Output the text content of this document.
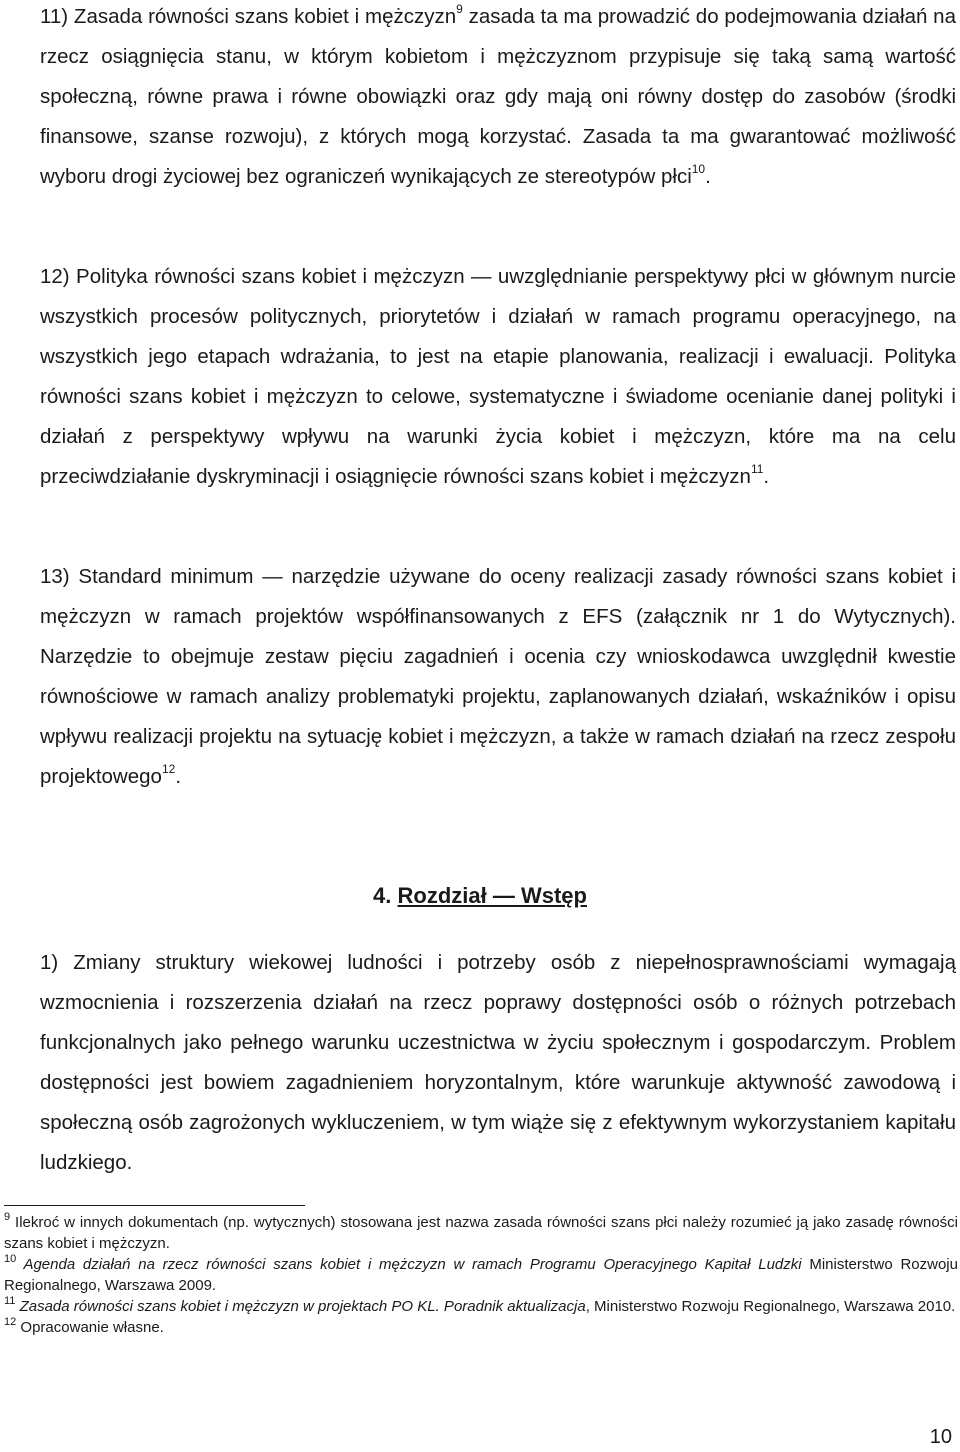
11) Zasada równości szans kobiet i mężczyzn$^9$ zasada ta ma prowadzić do podejmowania działań na rzecz osiągnięcia stanu, w którym kobietom i mężczyznom przypisuje się taką samą wartość społeczną, równe prawa i równe obowiązki oraz gdy mają oni równy dostęp do zasobów (środki finansowe, szanse rozwoju), z których mogą korzystać. Zasada ta ma gwarantować możliwość wyboru drogi życiowej bez ograniczeń wynikających ze stereotypów płci$^{10}$.

12) Polityka równości szans kobiet i mężczyzn — uwzględnianie perspektywy płci w głównym nurcie wszystkich procesów politycznych, priorytetów i działań w ramach programu operacyjnego, na wszystkich jego etapach wdrażania, to jest na etapie planowania, realizacji i ewaluacji. Polityka równości szans kobiet i mężczyzn to celowe, systematyczne i świadome ocenianie danej polityki i działań z perspektywy wpływu na warunki życia kobiet i mężczyzn, które ma na celu przeciwdziałanie dyskryminacji i osiągnięcie równości szans kobiet i mężczyzn$^{11}$.

13) Standard minimum — narzędzie używane do oceny realizacji zasady równości szans kobiet i mężczyzn w ramach projektów współfinansowanych z EFS (załącznik nr 1 do Wytycznych). Narzędzie to obejmuje zestaw pięciu zagadnień i ocenia czy wnioskodawca uwzględnił kwestie równościowe w ramach analizy problematyki projektu, zaplanowanych działań, wskaźników i opisu wpływu realizacji projektu na sytuację kobiet i mężczyzn, a także w ramach działań na rzecz zespołu projektowego$^{12}$.

4. Rozdział — Wstęp

1) Zmiany struktury wiekowej ludności i potrzeby osób z niepełnosprawnościami wymagają wzmocnienia i rozszerzenia działań na rzecz poprawy dostępności osób o różnych potrzebach funkcjonalnych jako pełnego warunku uczestnictwa w życiu społecznym i gospodarczym. Problem dostępności jest bowiem zagadnieniem horyzontalnym, które warunkuje aktywność zawodową i społeczną osób zagrożonych wykluczeniem, w tym wiąże się z efektywnym wykorzystaniem kapitału ludzkiego.

$^9$ Ilekroć w innych dokumentach (np. wytycznych) stosowana jest nazwa zasada równości szans płci należy rozumieć ją jako zasadę równości szans kobiet i mężczyzn.

$^{10}$ Agenda działań na rzecz równości szans kobiet i mężczyzn w ramach Programu Operacyjnego Kapitał Ludzki Ministerstwo Rozwoju Regionalnego, Warszawa 2009.

$^{11}$ Zasada równości szans kobiet i mężczyzn w projektach PO KL. Poradnik aktualizacja, Ministerstwo Rozwoju Regionalnego, Warszawa 2010.

$^{12}$ Opracowanie własne.

10
